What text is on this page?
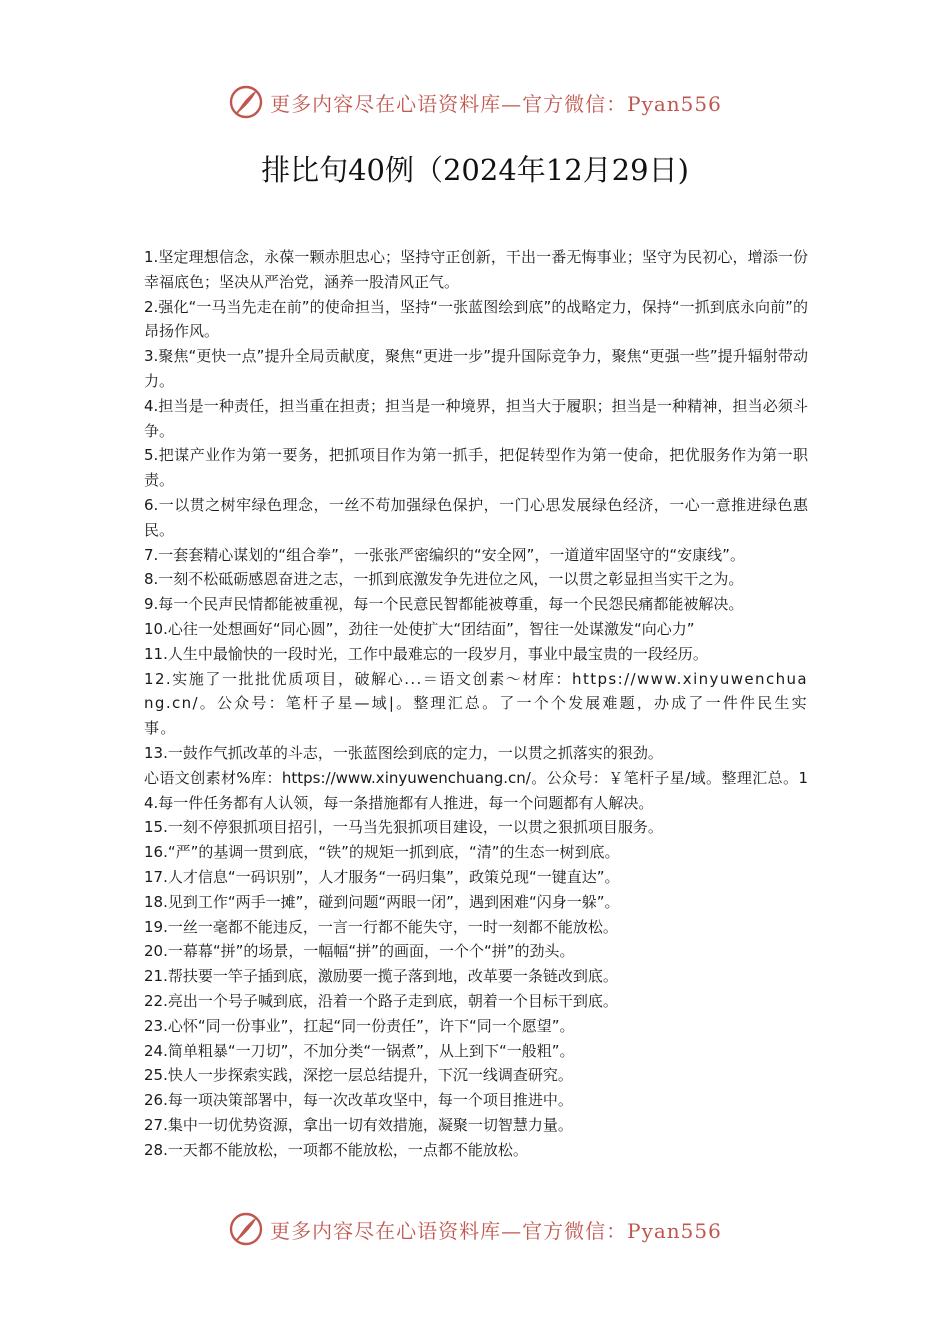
更多内容尽在心语资料库—官方微信：Pyan556
排比句40例（2024年12月29日)

1.坚定理想信念，永葆一颗赤胆忠心；坚持守正创新，干出一番无悔事业；坚守为民初心，增添一份幸福底色；坚决从严治党，涵养一股清风正气。

2.强化“一马当先走在前”的使命担当，坚持“一张蓝图绘到底”的战略定力，保持“一抓到底永向前”的昂扬作风。

3.聚焦“更快一点”提升全局贡献度，聚焦“更进一步”提升国际竞争力，聚焦“更强一些”提升辐射带动力。

4.担当是一种责任，担当重在担责；担当是一种境界，担当大于履职；担当是一种精神，担当必须斗争。

5.把谋产业作为第一要务，把抓项目作为第一抓手，把促转型作为第一使命，把优服务作为第一职责。

6.一以贯之树牢绿色理念，一丝不苟加强绿色保护，一门心思发展绿色经济，一心一意推进绿色惠民。

7.一套套精心谋划的“组合拳”，一张张严密编织的“安全网”，一道道牢固坚守的“安康线”。

8.一刻不松砥砺感恩奋进之志，一抓到底激发争先进位之风，一以贯之彰显担当实干之为。

9.每一个民声民情都能被重视，每一个民意民智都能被尊重，每一个民怨民痛都能被解决。

10.心往一处想画好“同心圆”，劲往一处使扩大“团结面”，智往一处谋激发“向心力”

11.人生中最愉快的一段时光，工作中最难忘的一段岁月，事业中最宝贵的一段经历。

12.实施了一批批优质项目，破解心...＝语文创素～材库：https://www.xinyuwenchuang.cn/。公众号：笔杆子星—域|。整理汇总。了一个个发展难题，办成了一件件民生实事。

13.一鼓作气抓改革的斗志，一张蓝图绘到底的定力，一以贯之抓落实的狠劲。

心语文创素材%库：https://www.xinyuwenchuang.cn/。公众号：￥笔杆子星/域。整理汇总。14.每一件任务都有人认领，每一条措施都有人推进，每一个问题都有人解决。

15.一刻不停狠抓项目招引，一马当先狠抓项目建设，一以贯之狠抓项目服务。

16.“严”的基调一贯到底，“铁”的规矩一抓到底，“清”的生态一树到底。

17.人才信息“一码识别”，人才服务“一码归集”，政策兑现“一键直达”。

18.见到工作“两手一摊”，碰到问题“两眼一闭”，遇到困难“闪身一躲”。

19.一丝一毫都不能违反，一言一行都不能失守，一时一刻都不能放松。

20.一幕幕“拼”的场景，一幅幅“拼”的画面，一个个“拼”的劲头。

21.帮扶要一竿子插到底，激励要一揽子落到地，改革要一条链改到底。

22.亮出一个号子喊到底，沿着一个路子走到底，朝着一个目标干到底。

23.心怀“同一份事业”，扛起“同一份责任”，许下“同一个愿望”。

24.简单粗暴“一刀切”，不加分类“一锅煮”，从上到下“一般粗”。

25.快人一步探索实践，深挖一层总结提升，下沉一线调查研究。

26.每一项决策部署中，每一次改革攻坚中，每一个项目推进中。

27.集中一切优势资源，拿出一切有效措施，凝聚一切智慧力量。

28.一天都不能放松，一项都不能放松，一点都不能放松。

更多内容尽在心语资料库—官方微信：Pyan556
